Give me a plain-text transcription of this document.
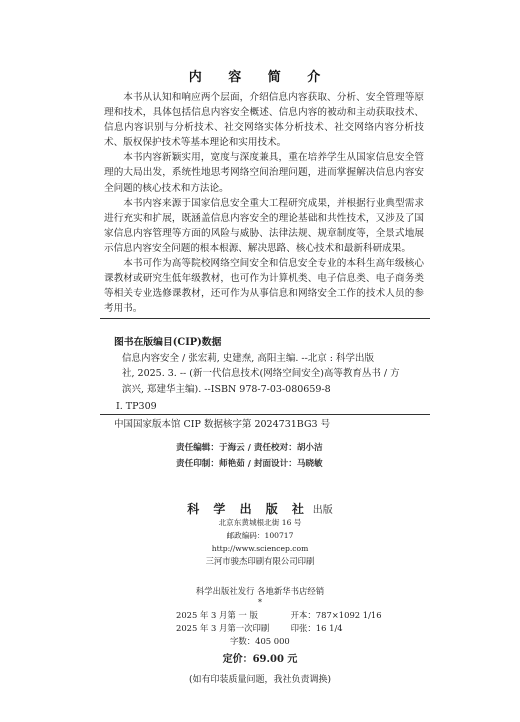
内 容 简 介

本书从认知和响应两个层面，介绍信息内容获取、分析、安全管理等原理和技术，具体包括信息内容安全概述、信息内容的被动和主动获取技术、信息内容识别与分析技术、社交网络实体分析技术、社交网络内容分析技术、版权保护技术等基本理论和实用技术。

本书内容新颖实用，宽度与深度兼具，重在培养学生从国家信息安全管理的大局出发，系统性地思考网络空间治理问题，进而掌握解决信息内容安全问题的核心技术和方法论。

本书内容来源于国家信息安全重大工程研究成果，并根据行业典型需求进行充实和扩展，既涵盖信息内容安全的理论基础和共性技术，又涉及了国家信息内容管理等方面的风险与威胁、法律法规、规章制度等，全景式地展示信息内容安全问题的根本根源、解决思路、核心技术和最新科研成果。

本书可作为高等院校网络空间安全和信息安全专业的本科生高年级核心课教材或研究生低年级教材，也可作为计算机类、电子信息类、电子商务类等相关专业选修课教材，还可作为从事信息和网络安全工作的技术人员的参考用书。

图书在版编目(CIP)数据
信息内容安全 / 张宏莉, 史建焘, 高阳主编. --北京 : 科学出版
社, 2025. 3. -- (新一代信息技术(网络空间安全)高等教育丛书 / 方
滨兴, 郑建华主编). --ISBN 978-7-03-080659-8
Ⅰ. TP309
中国国家版本馆 CIP 数据核字第 2024731BG3 号
责任编辑：于海云 / 责任校对：胡小洁
责任印制：师艳茹 / 封面设计：马晓敏
科 学 出 版 社 出版
北京东黄城根北街 16 号
邮政编码：100717
http://www.sciencep.com
三河市骏杰印刷有限公司印刷
科学出版社发行 各地新华书店经销
*
2025 年 3 月第 一 版	开本：787×1092 1/16
2025 年 3 月第一次印刷	印张：16 1/4
字数：405 000
定价：69.00 元
(如有印装质量问题，我社负责调换)
